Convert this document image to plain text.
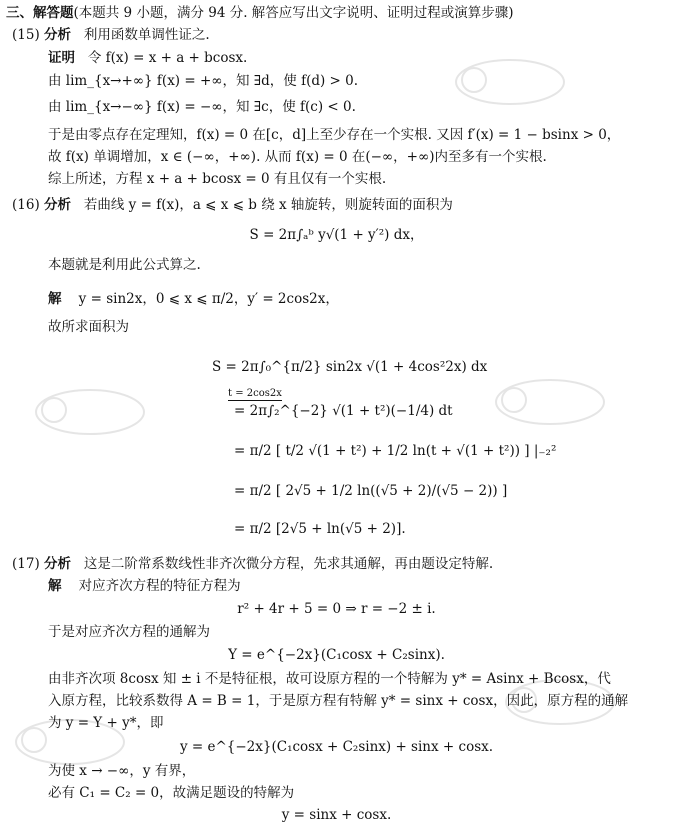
三、解答题(本题共 9 小题，满分 94 分. 解答应写出文字说明、证明过程或演算步骤)
(15) 分析 利用函数单调性证之.
证明 令 f(x) = x + a + bcosx.
由 lim_{x→+∞} f(x) = +∞，知 ∃d，使 f(d) > 0.
由 lim_{x→−∞} f(x) = −∞，知 ∃c，使 f(c) < 0.
于是由零点存在定理知，f(x) = 0 在[c，d]上至少存在一个实根. 又因 f′(x) = 1 − bsinx > 0，
故 f(x) 单调增加，x ∈ (−∞，+∞). 从而 f(x) = 0 在(−∞，+∞)内至多有一个实根.
综上所述，方程 x + a + bcosx = 0 有且仅有一个实根.
(16) 分析 若曲线 y = f(x)，a ⩽ x ⩽ b 绕 x 轴旋转，则旋转面的面积为
S = 2π∫ₐᵇ y√(1 + y′²) dx，
本题就是利用此公式算之.
解 y = sin2x，0 ⩽ x ⩽ π/2，y′ = 2cos2x，
故所求面积为
S = 2π∫₀^{π/2} sin2x √(1 + 4cos²2x) dx
t = 2cos2x
= 2π∫₂^{−2} √(1 + t²)(−1/4) dt
= π/2 [ t/2 √(1 + t²) + 1/2 ln(t + √(1 + t²)) ] |₋₂²
= π/2 [ 2√5 + 1/2 ln((√5 + 2)/(√5 − 2)) ]
= π/2 [2√5 + ln(√5 + 2)].
(17) 分析 这是二阶常系数线性非齐次微分方程，先求其通解，再由题设定特解.
解 对应齐次方程的特征方程为
r² + 4r + 5 = 0 ⇒ r = −2 ± i.
于是对应齐次方程的通解为
Y = e^{−2x}(C₁cosx + C₂sinx).
由非齐次项 8cosx 知 ± i 不是特征根，故可设原方程的一个特解为 y* = Asinx + Bcosx，代
入原方程，比较系数得 A = B = 1，于是原方程有特解 y* = sinx + cosx，因此，原方程的通解
为 y = Y + y*，即
y = e^{−2x}(C₁cosx + C₂sinx) + sinx + cosx.
为使 x → −∞，y 有界，
必有 C₁ = C₂ = 0，故满足题设的特解为
y = sinx + cosx.
